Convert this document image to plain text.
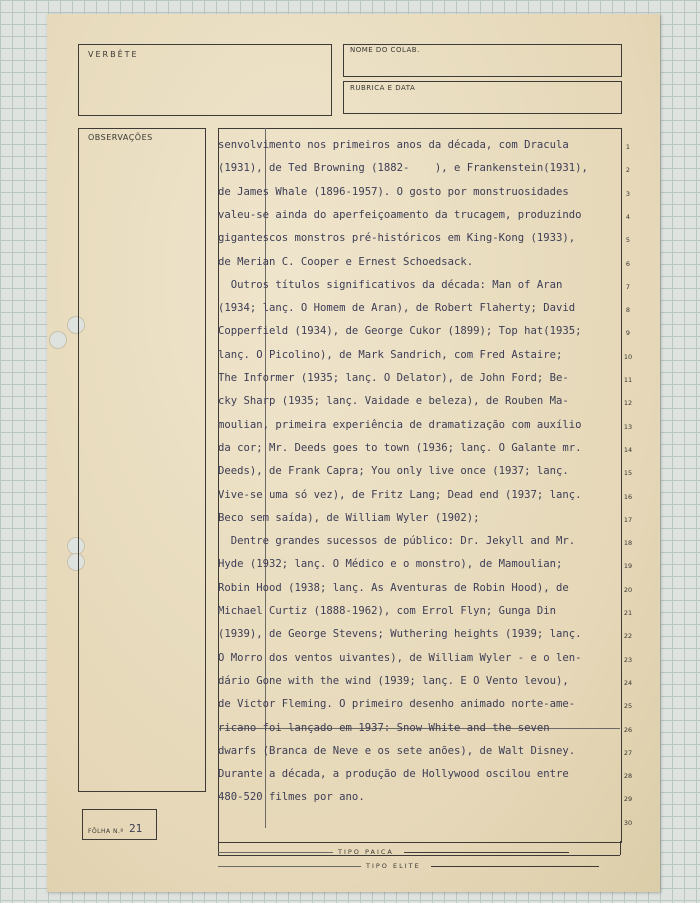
VERBÊTE	NOME DO COLAB.
RUBRICA E DATA
OBSERVAÇÕES
FÔLHA N.º 21
senvolvimento nos primeiros anos da década, com Dracula
(1931), de Ted Browning (1882-    ), e Frankenstein(1931),
de James Whale (1896-1957). O gosto por monstruosidades
valeu-se ainda do aperfeiçoamento da trucagem, produzindo
gigantescos monstros pré-históricos em King-Kong (1933),
de Merian C. Cooper e Ernest Schoedsack.
Outros títulos significativos da década: Man of Aran
(1934; lanç. O Homem de Aran), de Robert Flaherty; David
Copperfield (1934), de George Cukor (1899); Top hat(1935;
lanç. O Picolino), de Mark Sandrich, com Fred Astaire;
The Informer (1935; lanç. O Delator), de John Ford; Be-
cky Sharp (1935; lanç. Vaidade e beleza), de Rouben Ma-
moulian, primeira experiência de dramatização com auxílio
da cor; Mr. Deeds goes to town (1936; lanç. O Galante mr.
Deeds), de Frank Capra; You only live once (1937; lanç.
Vive-se uma só vez), de Fritz Lang; Dead end (1937; lanç.
Beco sem saída), de William Wyler (1902);
Dentre grandes sucessos de público: Dr. Jekyll and Mr.
Hyde (1932; lanç. O Médico e o monstro), de Mamoulian;
Robin Hood (1938; lanç. As Aventuras de Robin Hood), de
Michael Curtiz (1888-1962), com Errol Flyn; Gunga Din
(1939), de George Stevens; Wuthering heights (1939; lanç.
O Morro dos ventos uivantes), de William Wyler - e o len-
dário Gone with the wind (1939; lanç. E O Vento levou),
de Victor Fleming. O primeiro desenho animado norte-ame-
ricano foi lançado em 1937: Snow White and the seven
dwarfs (Branca de Neve e os sete anões), de Walt Disney.
Durante a década, a produção de Hollywood oscilou entre
480-520 filmes por ano.
1
2
3
4
5
6
7
8
9
10
11
12
13
14
15
16
17
18
19
20
21
22
23
24
25
26
27
28
29
30
TIPO PAICA
TIPO ELITE
